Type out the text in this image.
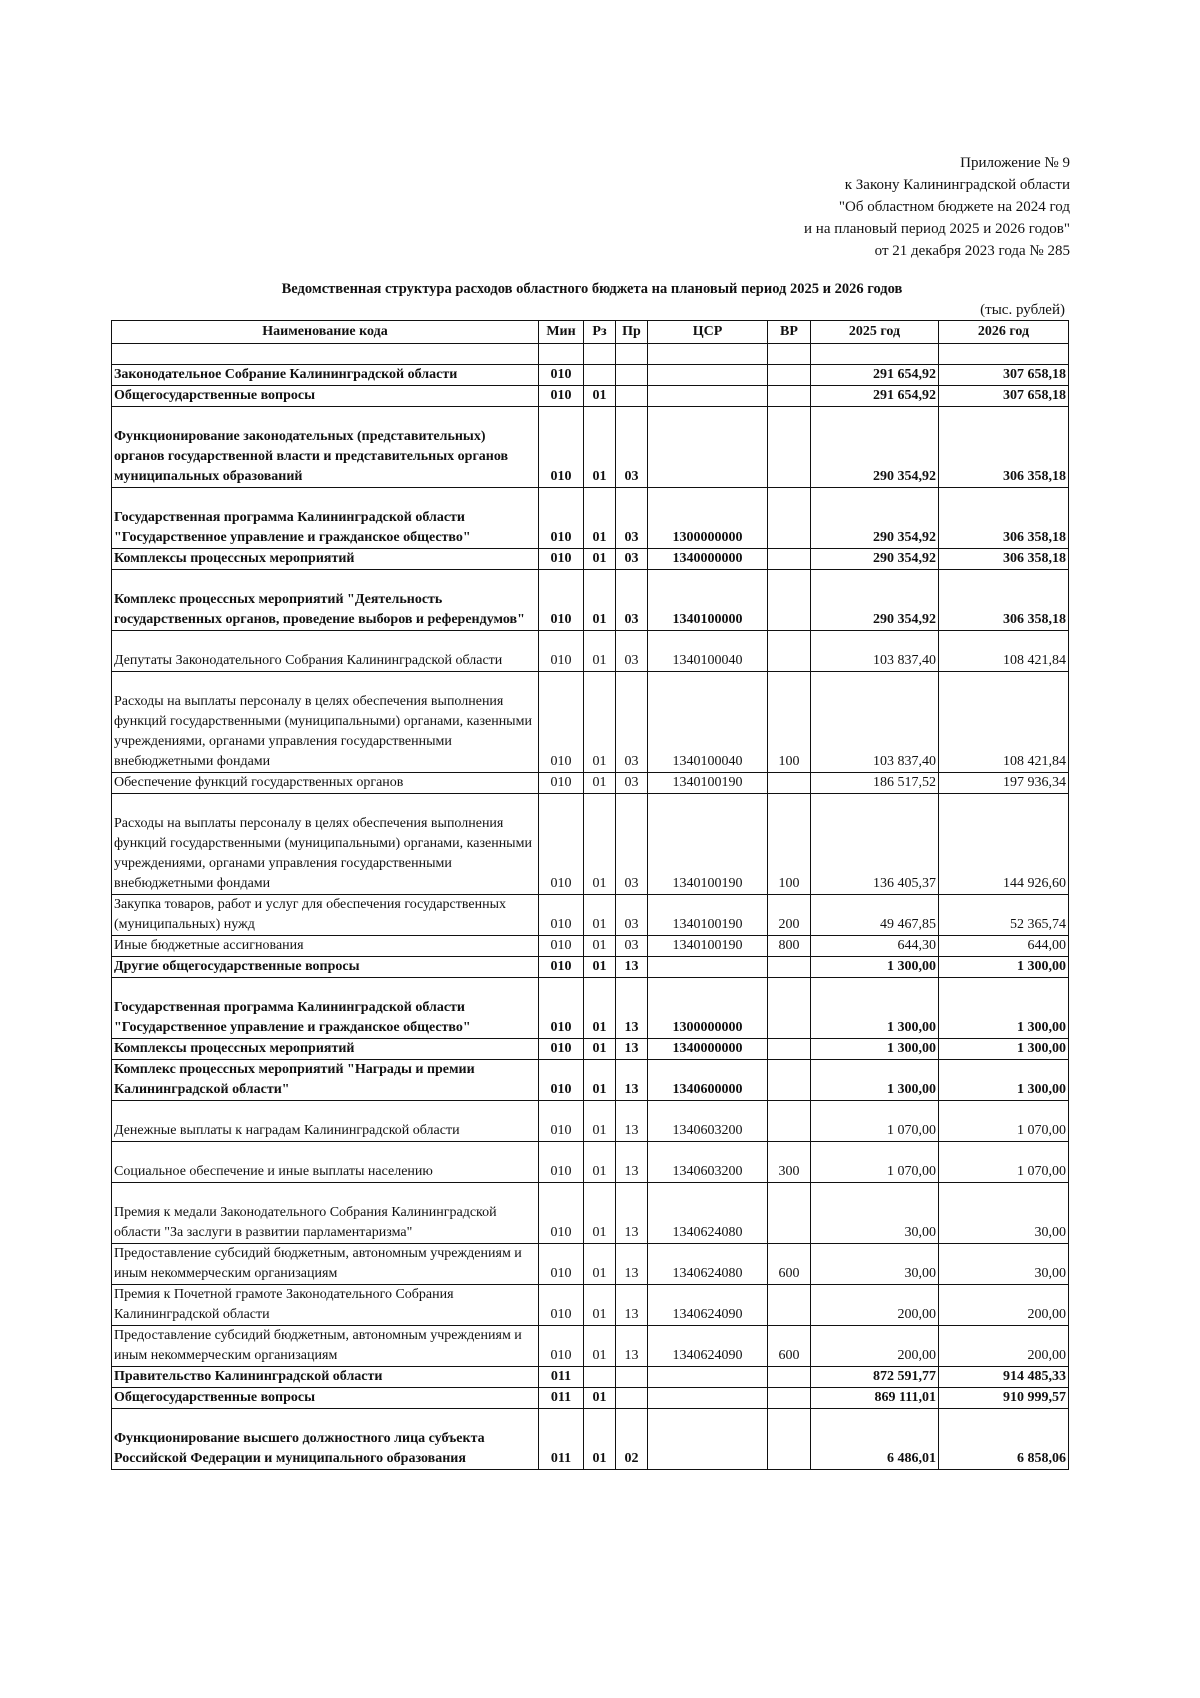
Приложение № 9
к Закону Калининградской области
"Об областном бюджете на 2024 год
и на плановый период 2025 и 2026 годов"
от 21 декабря 2023 года № 285
Ведомственная структура расходов областного бюджета на плановый период 2025 и 2026 годов
(тыс. рублей)
Наименование кода	Мин	Рз	Пр	ЦСР	ВР	2025 год	2026 год

Законодательное Собрание Калининградской области	010					291 654,92	307 658,18
Общегосударственные вопросы	010	01				291 654,92	307 658,18
Функционирование законодательных (представительных) органов государственной власти и представительных органов муниципальных образований	010	01	03			290 354,92	306 358,18
Государственная программа Калининградской области "Государственное управление и гражданское общество"	010	01	03	1300000000		290 354,92	306 358,18
Комплексы процессных мероприятий	010	01	03	1340000000		290 354,92	306 358,18
Комплекс процессных мероприятий "Деятельность государственных органов, проведение выборов и референдумов"	010	01	03	1340100000		290 354,92	306 358,18
Депутаты Законодательного Собрания Калининградской области	010	01	03	1340100040		103 837,40	108 421,84
Расходы на выплаты персоналу в целях обеспечения выполнения функций государственными (муниципальными) органами, казенными учреждениями, органами управления государственными внебюджетными фондами	010	01	03	1340100040	100	103 837,40	108 421,84
Обеспечение функций государственных органов	010	01	03	1340100190		186 517,52	197 936,34
Расходы на выплаты персоналу в целях обеспечения выполнения функций государственными (муниципальными) органами, казенными учреждениями, органами управления государственными внебюджетными фондами	010	01	03	1340100190	100	136 405,37	144 926,60
Закупка товаров, работ и услуг для обеспечения государственных (муниципальных) нужд	010	01	03	1340100190	200	49 467,85	52 365,74
Иные бюджетные ассигнования	010	01	03	1340100190	800	644,30	644,00
Другие общегосударственные вопросы	010	01	13			1 300,00	1 300,00
Государственная программа Калининградской области "Государственное управление и гражданское общество"	010	01	13	1300000000		1 300,00	1 300,00
Комплексы процессных мероприятий	010	01	13	1340000000		1 300,00	1 300,00
Комплекс процессных мероприятий "Награды и премии Калининградской области"	010	01	13	1340600000		1 300,00	1 300,00
Денежные выплаты к наградам Калининградской области	010	01	13	1340603200		1 070,00	1 070,00
Социальное обеспечение и иные выплаты населению	010	01	13	1340603200	300	1 070,00	1 070,00
Премия к медали Законодательного Собрания Калининградской области "За заслуги в развитии парламентаризма"	010	01	13	1340624080		30,00	30,00
Предоставление субсидий бюджетным, автономным учреждениям и иным некоммерческим организациям	010	01	13	1340624080	600	30,00	30,00
Премия к Почетной грамоте Законодательного Собрания Калининградской области	010	01	13	1340624090		200,00	200,00
Предоставление субсидий бюджетным, автономным учреждениям и иным некоммерческим организациям	010	01	13	1340624090	600	200,00	200,00
Правительство Калининградской области	011					872 591,77	914 485,33
Общегосударственные вопросы	011	01				869 111,01	910 999,57
Функционирование высшего должностного лица субъекта Российской Федерации и муниципального образования	011	01	02			6 486,01	6 858,06
